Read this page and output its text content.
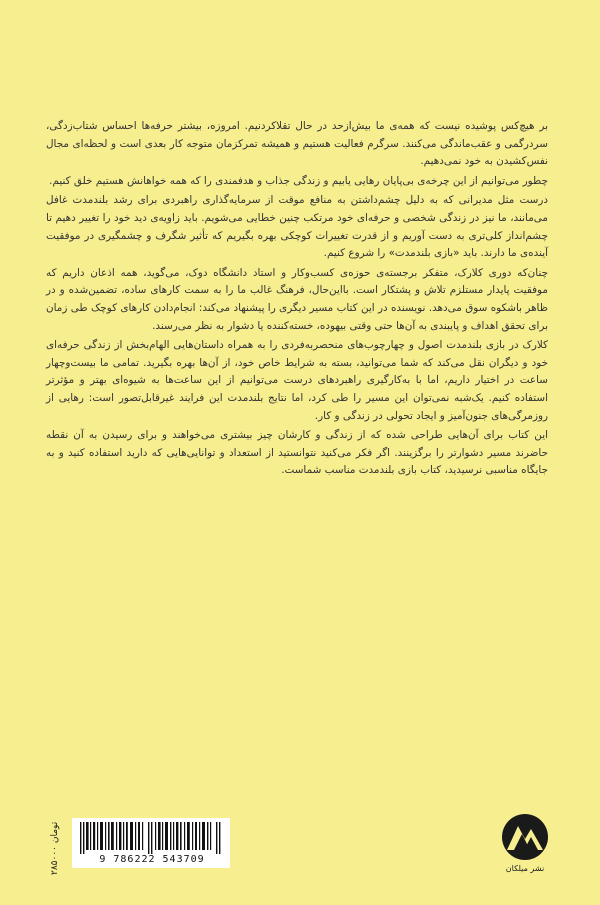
بر هیچ‌کس پوشیده نیست که همه‌ی ما بیش‌ازحد در حال تقلاکردنیم. امروزه، بیشتر حرفه‌ها احساس شتاب‌زدگی، سردرگمی و عقب‌ماندگی می‌کنند. سرگرم فعالیت هستیم و همیشه تمرکزمان متوجه کار بعدی است و لحظه‌ای مجال نفس‌کشیدن به خود نمی‌دهیم.

چطور می‌توانیم از این چرخه‌ی بی‌پایان رهایی یابیم و زندگی جذاب و هدفمندی را که همه خواهانش هستیم خلق کنیم.

درست مثل مدیرانی که به دلیل چشم‌داشتن به منافع موقت از سرمایه‌گذاری راهبردی برای رشد بلندمدت غافل می‌مانند، ما نیز در زندگی شخصی و حرفه‌ای خود مرتکب چنین خطایی می‌شویم. باید زاویه‌ی دید خود را تغییر دهیم تا چشم‌انداز کلی‌تری به دست آوریم و از قدرت تغییرات کوچکی بهره بگیریم که تأثیر شگرف و چشمگیری در موفقیت آینده‌ی ما دارند. باید «بازی بلندمدت» را شروع کنیم.

چنان‌که دوری کلارک، متفکر برجسته‌ی حوزه‌ی کسب‌وکار و استاد دانشگاه دوک، می‌گوید، همه اذعان داریم که موفقیت پایدار مستلزم تلاش و پشتکار است. بااین‌حال، فرهنگ غالب ما را به سمت کارهای ساده، تضمین‌شده و در ظاهر باشکوه سوق می‌دهد. نویسنده در این کتاب مسیر دیگری را پیشنهاد می‌کند: انجام‌دادن کارهای کوچک طی زمان برای تحقق اهداف و پایبندی به آن‌ها حتی وقتی بیهوده، خسته‌کننده یا دشوار به نظر می‌رسند.

کلارک در بازی بلندمدت اصول و چهارچوب‌های منحصربه‌فردی را به همراه داستان‌هایی الهام‌بخش از زندگی حرفه‌ای خود و دیگران نقل می‌کند که شما می‌توانید، بسته به شرایط خاص خود، از آن‌ها بهره بگیرید. تمامی ما بیست‌وچهار ساعت در اختیار داریم، اما با به‌کارگیری راهبردهای درست می‌توانیم از این ساعت‌ها به شیوه‌ای بهتر و مؤثرتر استفاده کنیم. یک‌شبه نمی‌توان این مسیر را طی کرد، اما نتایج بلندمدت این فرایند غیرقابل‌تصور است: رهایی از روزمرگی‌های جنون‌آمیز و ایجاد تحولی در زندگی و کار.

این کتاب برای آن‌هایی طراحی شده که از زندگی و کارشان چیز بیشتری می‌خواهند و برای رسیدن به آن نقطه حاضرند مسیر دشوارتر را برگزینند. اگر فکر می‌کنید نتوانستید از استعداد و توانایی‌هایی که دارید استفاده کنید و به جایگاه مناسبی نرسیدید، کتاب بازی بلندمدت مناسب شماست.

۲۸۵۰۰۰ تومان
9 786222 543709
نشر میلکان
